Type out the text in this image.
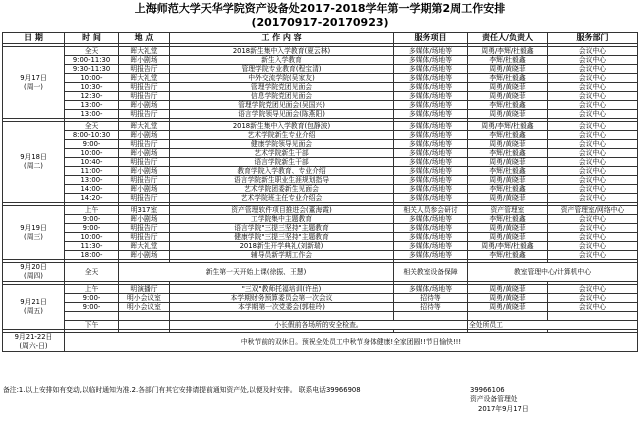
上海师范大学天华学院资产设备处2017-2018学年第一学期第2周工作安排
(20170917-20170923)
日 期	时 间	地 点	工 作 内 容	服务项目	责任人/负责人	服务部门

9月17日
(周一)	全天	晖大礼堂	2018新生集中入学教育(夏云林)	多媒体/场地等	周勇/李辉/杜毅鑫	会议中心
	9:00-11:30	晖小剧场	新生入学教育	多媒体/场地等	李辉/杜毅鑫	会议中心
	9:30-11:30	明报告厅	管理学院专业教育(程宝清)	多媒体/场地等	周勇/黄晓菲	会议中心
	10:00-	晖大礼堂	中外交流学院(吴家友)	多媒体/场地等	李辉/杜毅鑫	会议中心
	10:30-	明报告厅	管理学院党团见面会	多媒体/场地等	周勇/黄晓菲	会议中心
	12:30-	明报告厅	信息学院党团见面会	多媒体/场地等	周勇/黄晓菲	会议中心
	13:00-	晖小剧场	管理学院党团见面会(吴国兴)	多媒体/场地等	李辉/杜毅鑫	会议中心
	13:00-	明报告厅	语言学院领导见面会(陈燕阳)	多媒体/场地等	周勇/黄晓菲	会议中心

9月18日
(周二)	全天	晖大礼堂	2018新生集中入学教育(包静波)	多媒体/场地等	周勇/李辉/杜毅鑫	会议中心
	8:00-10:30	晖小剧场	艺术学院新生专业介绍	多媒体/场地等	李辉/杜毅鑫	会议中心
	9:00-	明报告厅	健康学院领导见面会	多媒体/场地等	周勇/黄晓菲	会议中心
	10:00-	晖小剧场	艺术学院新生干部	多媒体/场地等	李辉/杜毅鑫	会议中心
	10:40-	明报告厅	语言学院新生干部	多媒体/场地等	周勇/黄晓菲	会议中心
	11:00-	晖小剧场	教育学院入学教育、专业介绍	多媒体/场地等	李辉/杜毅鑫	会议中心
	13:00-	明报告厅	语言学院新生职业生涯规划指导	多媒体/场地等	周勇/黄晓菲	会议中心
	14:00-	晖小剧场	艺术学院团委新生见面会	多媒体/场地等	李辉/杜毅鑫	会议中心
	14:20-	明报告厅	艺术学院班主任专业介绍会	多媒体/场地等	周勇/黄晓菲	会议中心

9月19日
(周三)	上午	明317室	资产管理软件项目推进会(董海霞)	相关人员参会研讨	资产管理室	资产管理室/网络中心
	9:00-	晖小剧场	工学院集中主题教育	多媒体/场地等	李辉/杜毅鑫	会议中心
	9:00-	明报告厅	语言学院"三提三坚持"主题教育	多媒体/场地等	周勇/黄晓菲	会议中心
	10:00-	明报告厅	健康学院"三提三坚持"主题教育	多媒体/场地等	周勇/黄晓菲	会议中心
	11:30-	晖大礼堂	2018新生开学典礼(刘新瑞)	多媒体/场地等	周勇/李辉/杜毅鑫	会议中心
	18:00-	晖小剧场	辅导员新学期工作会	多媒体/场地等	李辉/杜毅鑫	会议中心

9月20日
(周四)	全天	新生第一天开始上课(徐振、王慧)		相关教室设备保障	教室管理中心/计算机中心	

9月21日
(周五)	上午	明演播厅	"三双"教师托福培训(许岳)	多媒体/场地等	周勇/黄晓菲	会议中心
	9:00-	明小会议室	本学期财务预算委员会第一次会议	招待等	周勇/黄晓菲	会议中心
	9:00-	明小会议室	本学期第一次党委会(郭桂玲)	招待等	周勇/黄晓菲	会议中心

	下午		小长假前各场所的安全检查。		全处所员工	

9月21-22日
(周六-日)	中秋节前的双休日。预祝全处员工中秋节身体健康!全家团圆!!节日愉快!!!					
备注:1.以上安排如有变动,以临时通知为准.2.各部门有其它安排请提前通知资产处,以便及时安排。 联系电话39966908	39966106
资产设备管理处
2017年9月17日
